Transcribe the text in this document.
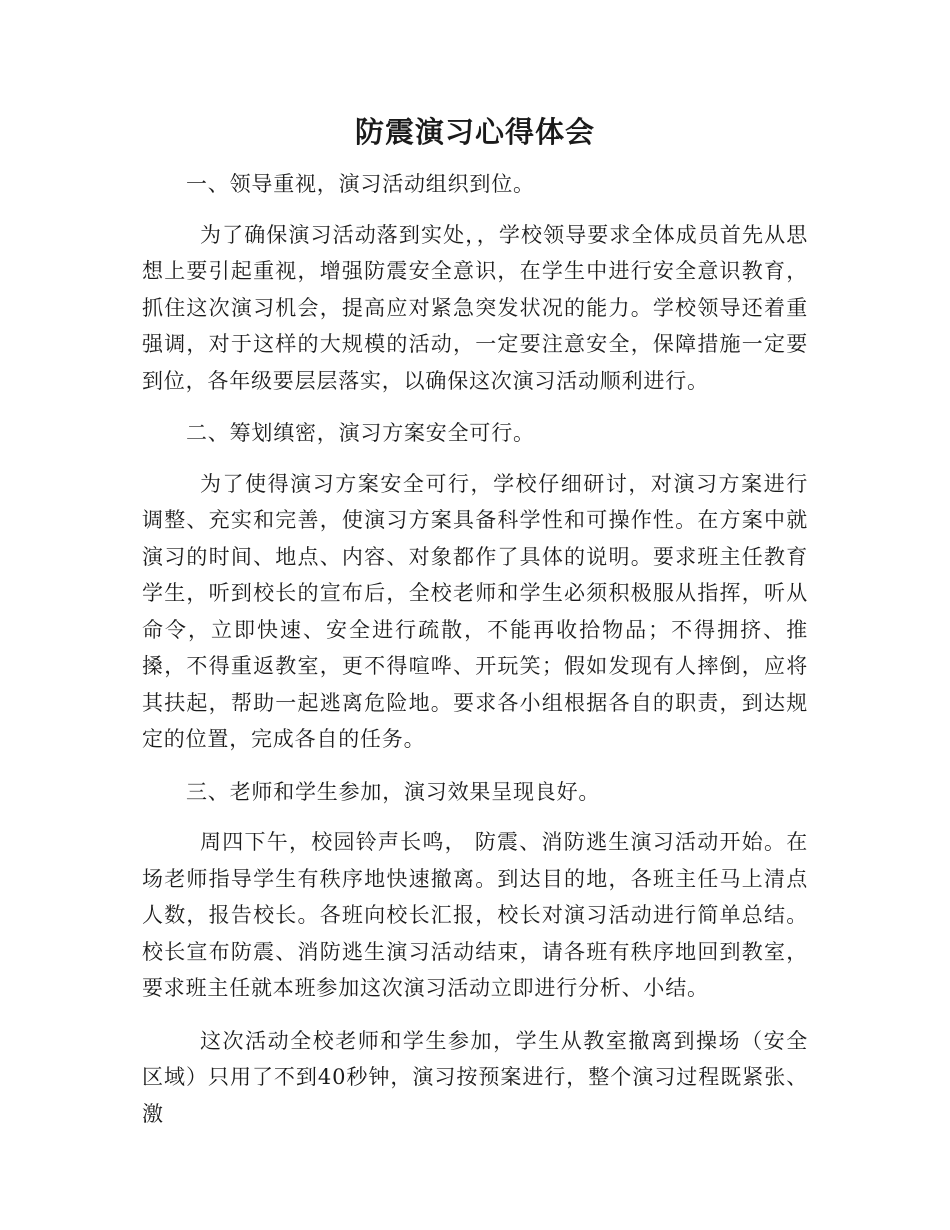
防震演习心得体会

一、领导重视，演习活动组织到位。

为了确保演习活动落到实处，，学校领导要求全体成员首先从思想上要引起重视，增强防震安全意识，在学生中进行安全意识教育，抓住这次演习机会，提高应对紧急突发状况的能力。学校领导还着重强调，对于这样的大规模的活动，一定要注意安全，保障措施一定要到位，各年级要层层落实，以确保这次演习活动顺利进行。

二、筹划缜密，演习方案安全可行。

为了使得演习方案安全可行，学校仔细研讨，对演习方案进行调整、充实和完善，使演习方案具备科学性和可操作性。在方案中就演习的时间、地点、内容、对象都作了具体的说明。要求班主任教育学生，听到校长的宣布后，全校老师和学生必须积极服从指挥，听从命令，立即快速、安全进行疏散，不能再收拾物品；不得拥挤、推搡，不得重返教室，更不得喧哗、开玩笑；假如发现有人摔倒，应将其扶起，帮助一起逃离危险地。要求各小组根据各自的职责，到达规定的位置，完成各自的任务。

三、老师和学生参加，演习效果呈现良好。

周四下午，校园铃声长鸣， 防震、消防逃生演习活动开始。在场老师指导学生有秩序地快速撤离。到达目的地，各班主任马上清点人数，报告校长。各班向校长汇报，校长对演习活动进行简单总结。校长宣布防震、消防逃生演习活动结束，请各班有秩序地回到教室，要求班主任就本班参加这次演习活动立即进行分析、小结。

这次活动全校老师和学生参加，学生从教室撤离到操场（安全区域）只用了不到40秒钟，演习按预案进行，整个演习过程既紧张、激
